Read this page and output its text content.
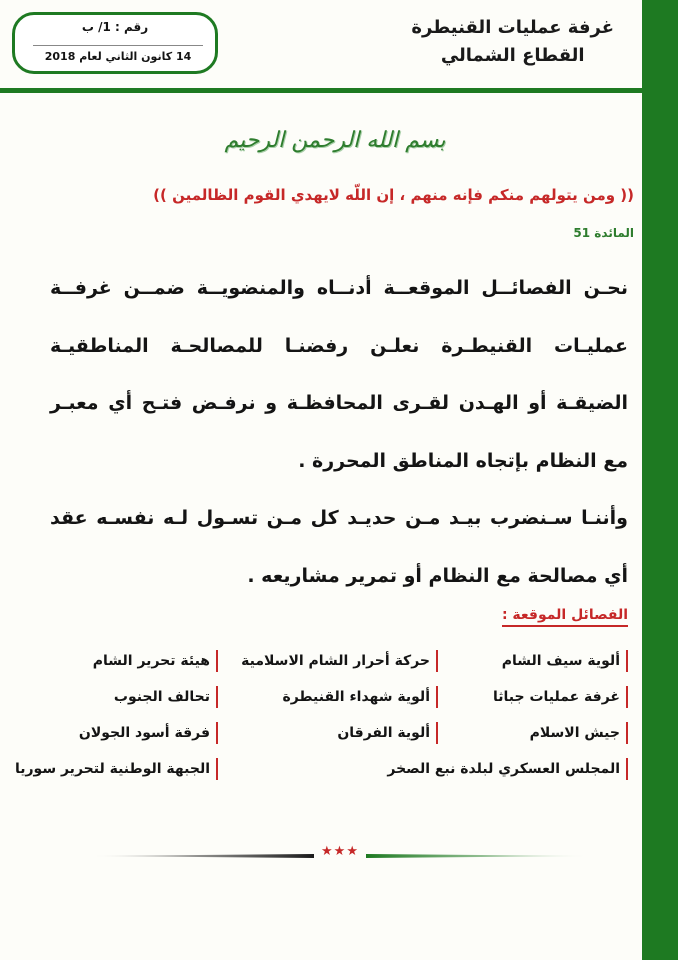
غرفة عمليات القنيطرة
القطاع الشمالي
رقم : 1/ ب
14 كانون الثاني لعام 2018
بسم الله الرحمن الرحيم
(( ومن يتولهم منكم فإنه منهم ، إن اللّه لايهدي القوم الظالمين ))
المائدة 51

نحـن الفصائــل الموقعــة أدنــاه والمنضويــة ضمــن غرفــة عمليـات القنيطـرة نعلـن رفضنـا للمصالحـة المناطقيـة الضيقـة أو الهـدن لقـرى المحافظـة و نرفـض فتـح أي معبـر مع النظام بإتجاه المناطق المحررة .

وأننـا سـنضرب بيـد مـن حديـد كل مـن تسـول لـه نفسـه عقد أي مصالحة مع النظام أو تمرير مشاريعه .

الفصائل الموقعة :
ألوية سيف الشام
حركة أحرار الشام الاسلامية
هيئة تحرير الشام
غرفة عمليات جباثا
ألوية شهداء القنيطرة
تحالف الجنوب
جيش الاسلام
ألوية الفرقان
فرقة أسود الجولان
المجلس العسكري لبلدة نبع الصخر
الجبهة الوطنية لتحرير سوريا
★★★
